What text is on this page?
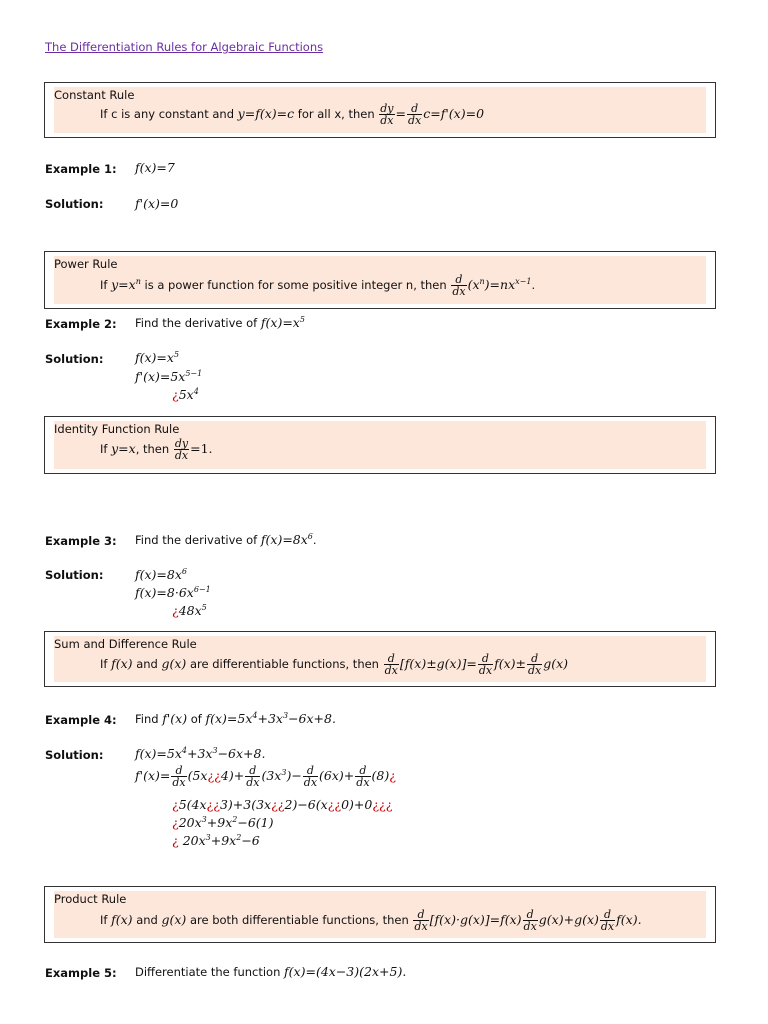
The Differentiation Rules for Algebraic Functions
Constant Rule
If c is any constant and y=f(x)=c for all x, then $\frac{dy}{dx} = \frac{d}{dx} c=f'(x)=0$
Example 1: f(x)=7
Solution:	f'(x)=0
Power Rule
If $y=x^n$ is a power function for some positive integer n, then $\frac{d}{dx} (x^n)=nx^{x-1}$.
Example 2: Find the derivative of $f(x)=x^5$
Solution:	$f(x)=x^5$
$f'(x)=5x^{5-1}$
¿$5x^4$
Identity Function Rule
If y=x, then $\frac{dy}{dx} =1$.
Example 3: Find the derivative of $f(x)=8x^6$.
Solution:	$f(x)=8x^6$
$f(x)=8\cdot 6x^{6-1}$
¿$48x^5$
Sum and Difference Rule
If f(x) and g(x) are differentiable functions, then $\frac{d}{dx} [f(x)\pm g(x)]= \frac{d}{dx} f(x)\pm \frac{d}{dx} g(x)$
Example 4: Find f'(x) of $f(x)=5x^4+3x^3-6x+8$.
Solution:	$f(x)=5x^4+3x^3-6x+8$.
$f'(x)= \frac{d}{dx}$ (5x¿¿4)+ $\frac{d}{dx} (3x^3)- \frac{d}{dx} (6x)+ \frac{d}{dx}$ (8)¿
¿5(4x¿¿3)+3(3x¿¿2)−6(x¿¿0)+0¿¿¿
¿$20x^3+9x^2-6(1)$
¿ $20x^3+9x^2-6$
Product Rule
If f(x) and g(x) are both differentiable functions, then $\frac{d}{dx} [f(x)\cdot g(x)]=f(x) \frac{d}{dx} g(x)+g(x) \frac{d}{dx} f(x)$.
Example 5: Differentiate the function f(x)=(4x−3)(2x+5).
